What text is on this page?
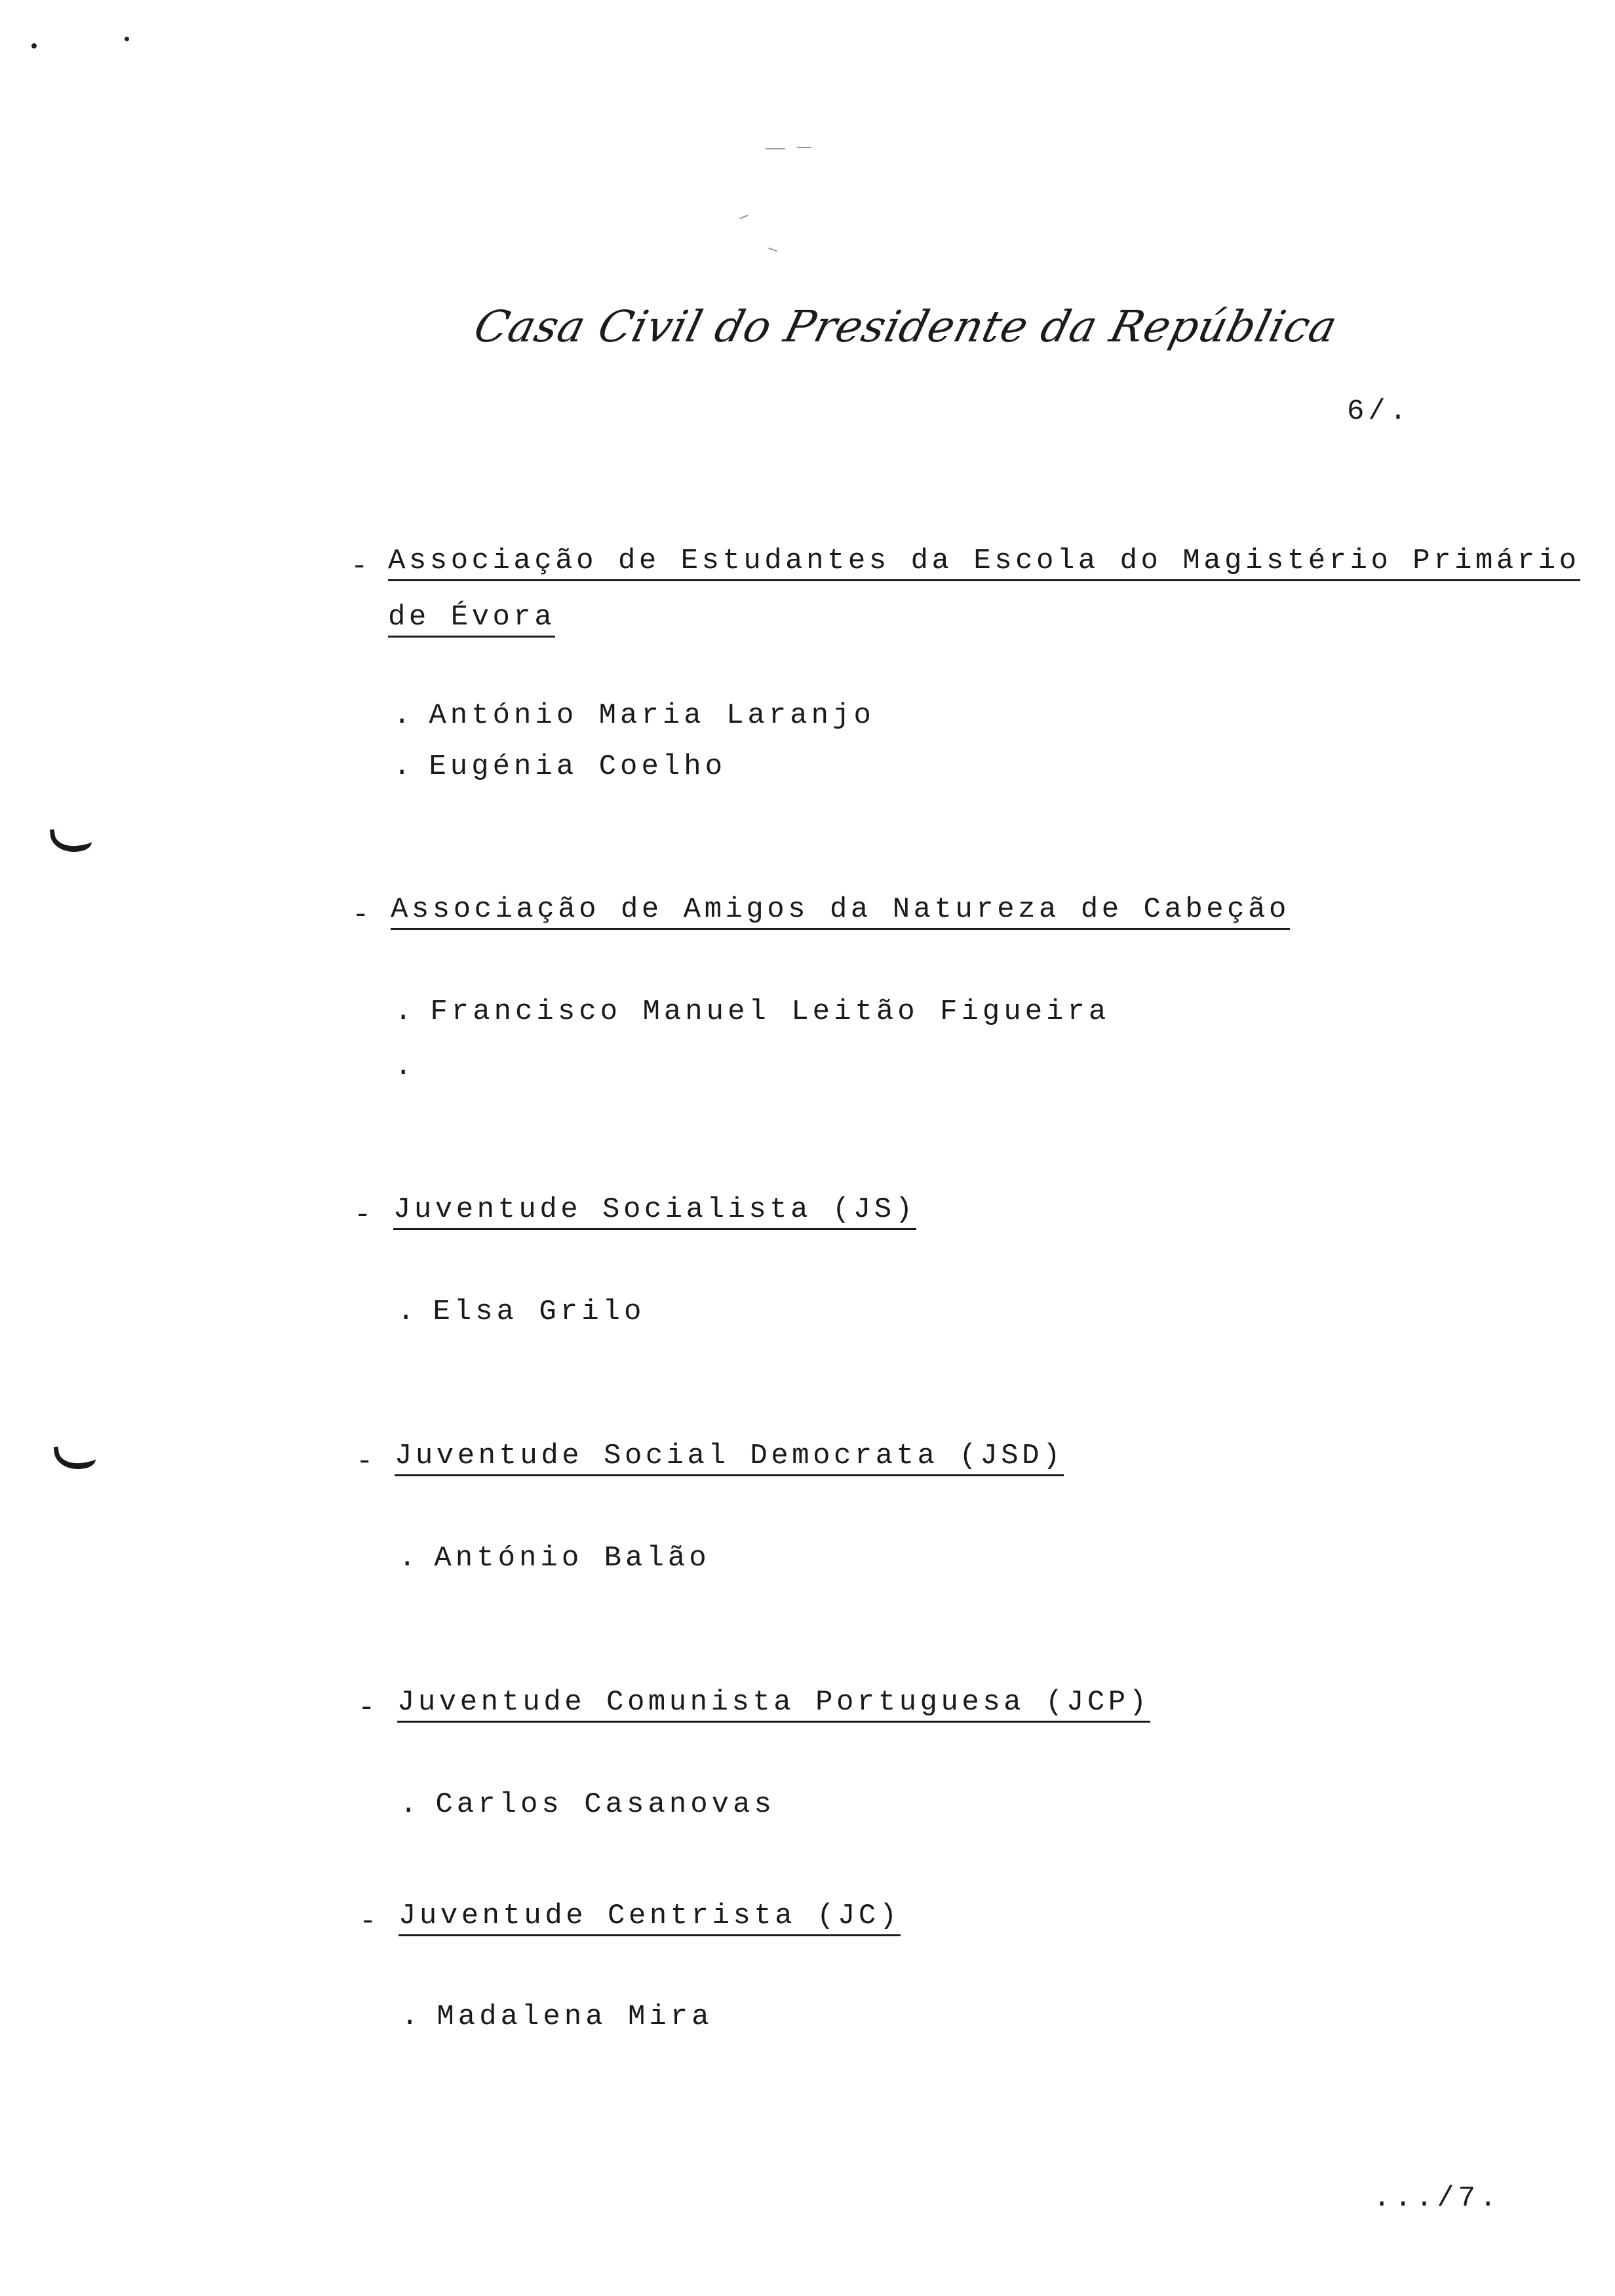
Casa Civil do Presidente da República
6/.
- Associação de Estudantes da Escola do Magistério Primário
de Évora
. António Maria Laranjo
. Eugénia Coelho
- Associação de Amigos da Natureza de Cabeção
. Francisco Manuel Leitão Figueira
.
- Juventude Socialista (JS)
. Elsa Grilo
- Juventude Social Democrata (JSD)
. António Balão
- Juventude Comunista Portuguesa (JCP)
. Carlos Casanovas
- Juventude Centrista (JC)
. Madalena Mira
.../7.
